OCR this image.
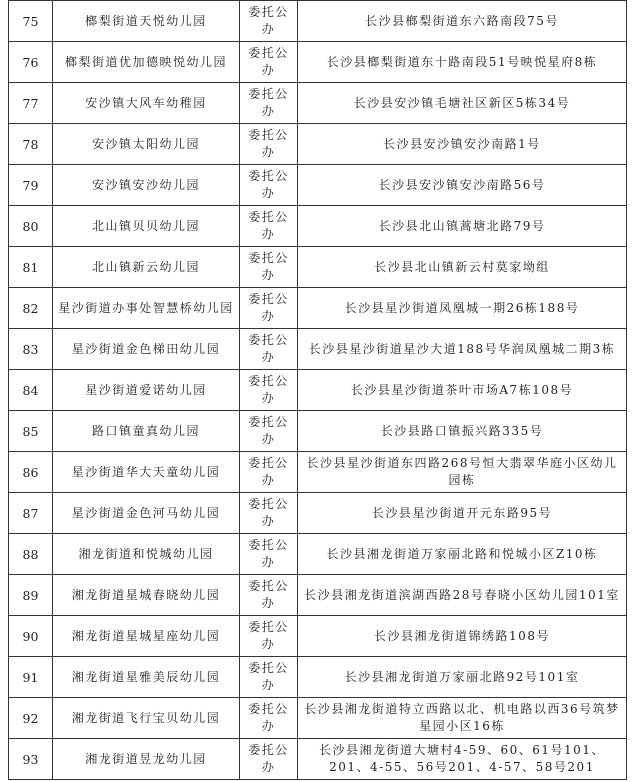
75	榔梨街道天悦幼儿园	委托公办	长沙县榔梨街道东六路南段75号
76	榔梨街道优加德映悦幼儿园	委托公办	长沙县榔梨街道东十路南段51号映悦星府8栋
77	安沙镇大风车幼稚园	委托公办	长沙县安沙镇毛塘社区新区5栋34号
78	安沙镇太阳幼儿园	委托公办	长沙县安沙镇安沙南路1号
79	安沙镇安沙幼儿园	委托公办	长沙县安沙镇安沙南路56号
80	北山镇贝贝幼儿园	委托公办	长沙县北山镇蒿塘北路79号
81	北山镇新云幼儿园	委托公办	长沙县北山镇新云村莫家坳组
82	星沙街道办事处智慧桥幼儿园	委托公办	长沙县星沙街道凤凰城一期26栋188号
83	星沙街道金色梯田幼儿园	委托公办	长沙县星沙街道星沙大道188号华润凤凰城二期3栋
84	星沙街道爱诺幼儿园	委托公办	长沙县星沙街道茶叶市场A7栋108号
85	路口镇童真幼儿园	委托公办	长沙县路口镇振兴路335号
86	星沙街道华大天童幼儿园	委托公办	长沙县星沙街道东四路268号恒大翡翠华庭小区幼儿园栋
87	星沙街道金色河马幼儿园	委托公办	长沙县星沙街道开元东路95号
88	湘龙街道和悦城幼儿园	委托公办	长沙县湘龙街道万家丽北路和悦城小区Z10栋
89	湘龙街道星城春晓幼儿园	委托公办	长沙县湘龙街道滨湖西路28号春晓小区幼儿园101室
90	湘龙街道星城星座幼儿园	委托公办	长沙县湘龙街道锦绣路108号
91	湘龙街道星雅美辰幼儿园	委托公办	长沙县湘龙街道万家丽北路92号101室
92	湘龙街道飞行宝贝幼儿园	委托公办	长沙县湘龙街道特立西路以北、机电路以西36号筑梦星园小区16栋
93	湘龙街道昱龙幼儿园	委托公办	长沙县湘龙街道大塘村4-59、60、61号101、201、4-55、56号201、4-57、58号201
